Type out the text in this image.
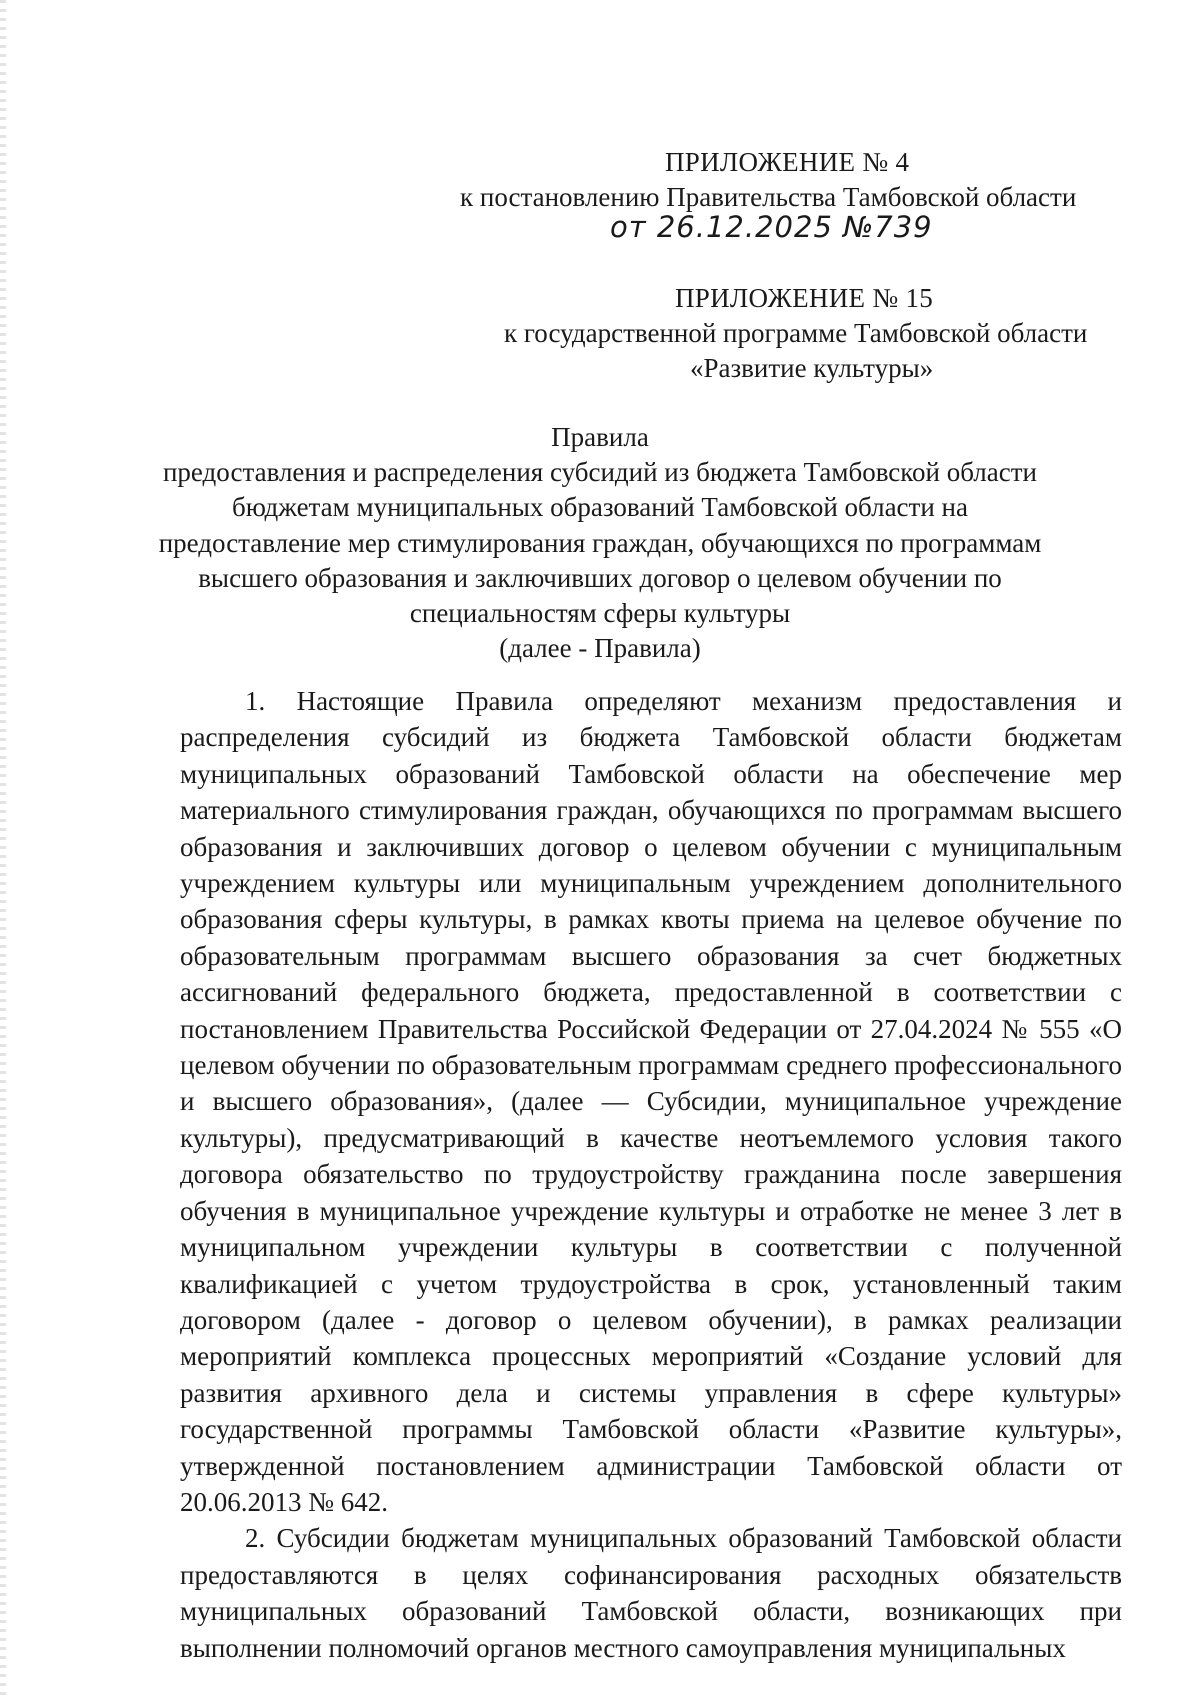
ПРИЛОЖЕНИЕ № 4
к постановлению Правительства Тамбовской области
от 26.12.2025 №739
ПРИЛОЖЕНИЕ № 15
к государственной программе Тамбовской области
«Развитие культуры»
Правила
предоставления и распределения субсидий из бюджета Тамбовской области
бюджетам муниципальных образований Тамбовской области на
предоставление мер стимулирования граждан, обучающихся по программам
высшего образования и заключивших договор о целевом обучении по
специальностям сферы культуры
(далее - Правила)

1. Настоящие Правила определяют механизм предоставления и распределения субсидий из бюджета Тамбовской области бюджетам муниципальных образований Тамбовской области на обеспечение мер материального стимулирования граждан, обучающихся по программам высшего образования и заключивших договор о целевом обучении с муниципальным учреждением культуры или муниципальным учреждением дополнительного образования сферы культуры, в рамках квоты приема на целевое обучение по образовательным программам высшего образования за счет бюджетных ассигнований федерального бюджета, предоставленной в соответствии с постановлением Правительства Российской Федерации от 27.04.2024 № 555 «О целевом обучении по образовательным программам среднего профессионального и высшего образования», (далее — Субсидии, муниципальное учреждение культуры), предусматривающий в качестве неотъемлемого условия такого договора обязательство по трудоустройству гражданина после завершения обучения в муниципальное учреждение культуры и отработке не менее 3 лет в муниципальном учреждении культуры в соответствии с полученной квалификацией с учетом трудоустройства в срок, установленный таким договором (далее - договор о целевом обучении), в рамках реализации мероприятий комплекса процессных мероприятий «Создание условий для развития архивного дела и системы управления в сфере культуры» государственной программы Тамбовской области «Развитие культуры», утвержденной постановлением администрации Тамбовской области от 20.06.2013 № 642.

2. Субсидии бюджетам муниципальных образований Тамбовской области предоставляются в целях софинансирования расходных обязательств муниципальных образований Тамбовской области, возникающих при выполнении полномочий органов местного самоуправления муниципальных
